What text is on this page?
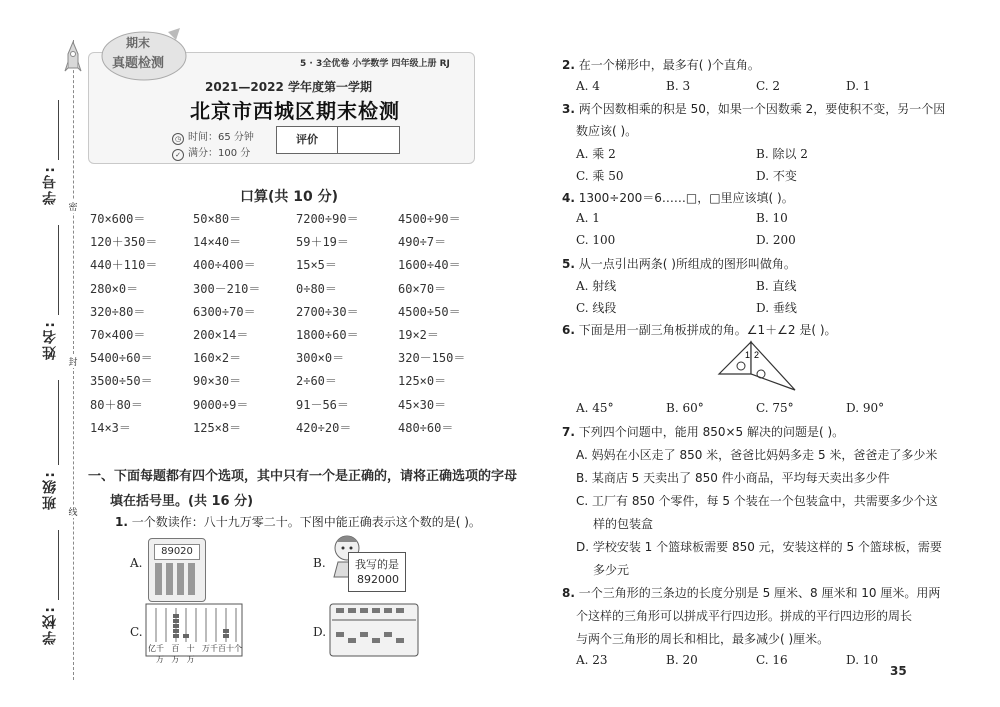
学号:
姓名:
班级:
学校:
密
封
线
期末
真题检测	5 · 3全优卷 小学数学 四年级上册 RJ
2021—2022 学年度第一学期
北京市西城区期末检测
◷ 时间：65 分钟
✓ 满分：100 分
评价
口算(共 10 分)
70×600＝	50×80＝	7200÷90＝	4500÷90＝
120＋350＝	14×40＝	59＋19＝	490÷7＝
440＋110＝	400÷400＝	15×5＝	1600÷40＝
280×0＝	300－210＝	0÷80＝	60×70＝
320÷80＝	6300÷70＝	2700÷30＝	4500÷50＝
70×400＝	200×14＝	1800÷60＝	19×2＝
5400÷60＝	160×2＝	300×0＝	320－150＝
3500÷50＝	90×30＝	2÷60＝	125×0＝
80＋80＝	9000÷9＝	91－56＝	45×30＝
14×3＝	125×8＝	420÷20＝	480÷60＝
一、下面每题都有四个选项，其中只有一个是正确的，请将正确选项的字母
填在括号里。(共 16 分)
1. 一个数读作：八十九万零二十。下图中能正确表示这个数的是( )。
A.
89020
B.	我写的是
892000
C.
亿 千万
百万
十万
万 千 百 十 个
D.
2. 在一个梯形中，最多有( )个直角。
A. 4	B. 3	C. 2	D. 1
3. 两个因数相乘的积是 50，如果一个因数乘 2，要使积不变，另一个因
数应该( )。
A. 乘 2	B. 除以 2
C. 乘 50	D. 不变
4. 1300÷200＝6……□，□里应该填( )。
A. 1	B. 10
C. 100	D. 200
5. 从一点引出两条( )所组成的图形叫做角。
A. 射线	B. 直线
C. 线段	D. 垂线
6. 下面是用一副三角板拼成的角。∠1＋∠2 是( )。
1 2
A. 45°	B. 60°	C. 75°	D. 90°
7. 下列四个问题中，能用 850×5 解决的问题是( )。
A. 妈妈在小区走了 850 米，爸爸比妈妈多走 5 米，爸爸走了多少米
B. 某商店 5 天卖出了 850 件小商品，平均每天卖出多少件
C. 工厂有 850 个零件，每 5 个装在一个包装盒中，共需要多少个这
样的包装盒
D. 学校安装 1 个篮球板需要 850 元，安装这样的 5 个篮球板，需要
多少元
8. 一个三角形的三条边的长度分别是 5 厘米、8 厘米和 10 厘米。用两
个这样的三角形可以拼成平行四边形。拼成的平行四边形的周长
与两个三角形的周长和相比，最多减少( )厘米。
A. 23	B. 20	C. 16	D. 10
35
